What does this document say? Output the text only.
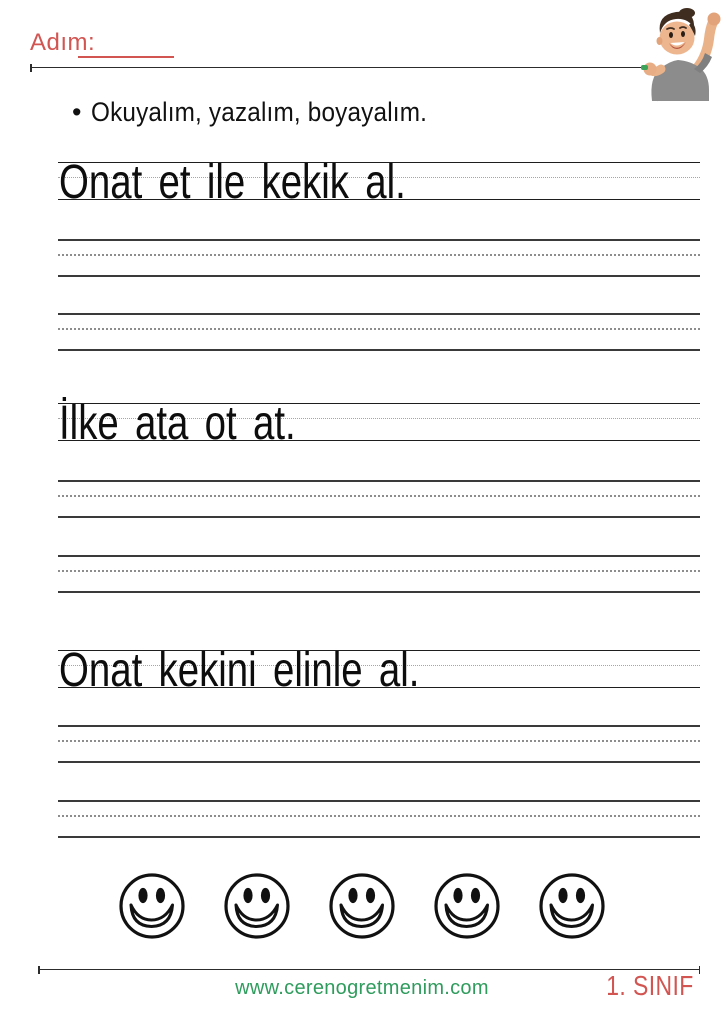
Adım:
• Okuyalım, yazalım, boyayalım.
Onat et ile kekik al.
İlke ata ot at.
Onat kekini elinle al.
www.cerenogretmenim.com	1. SINIF
